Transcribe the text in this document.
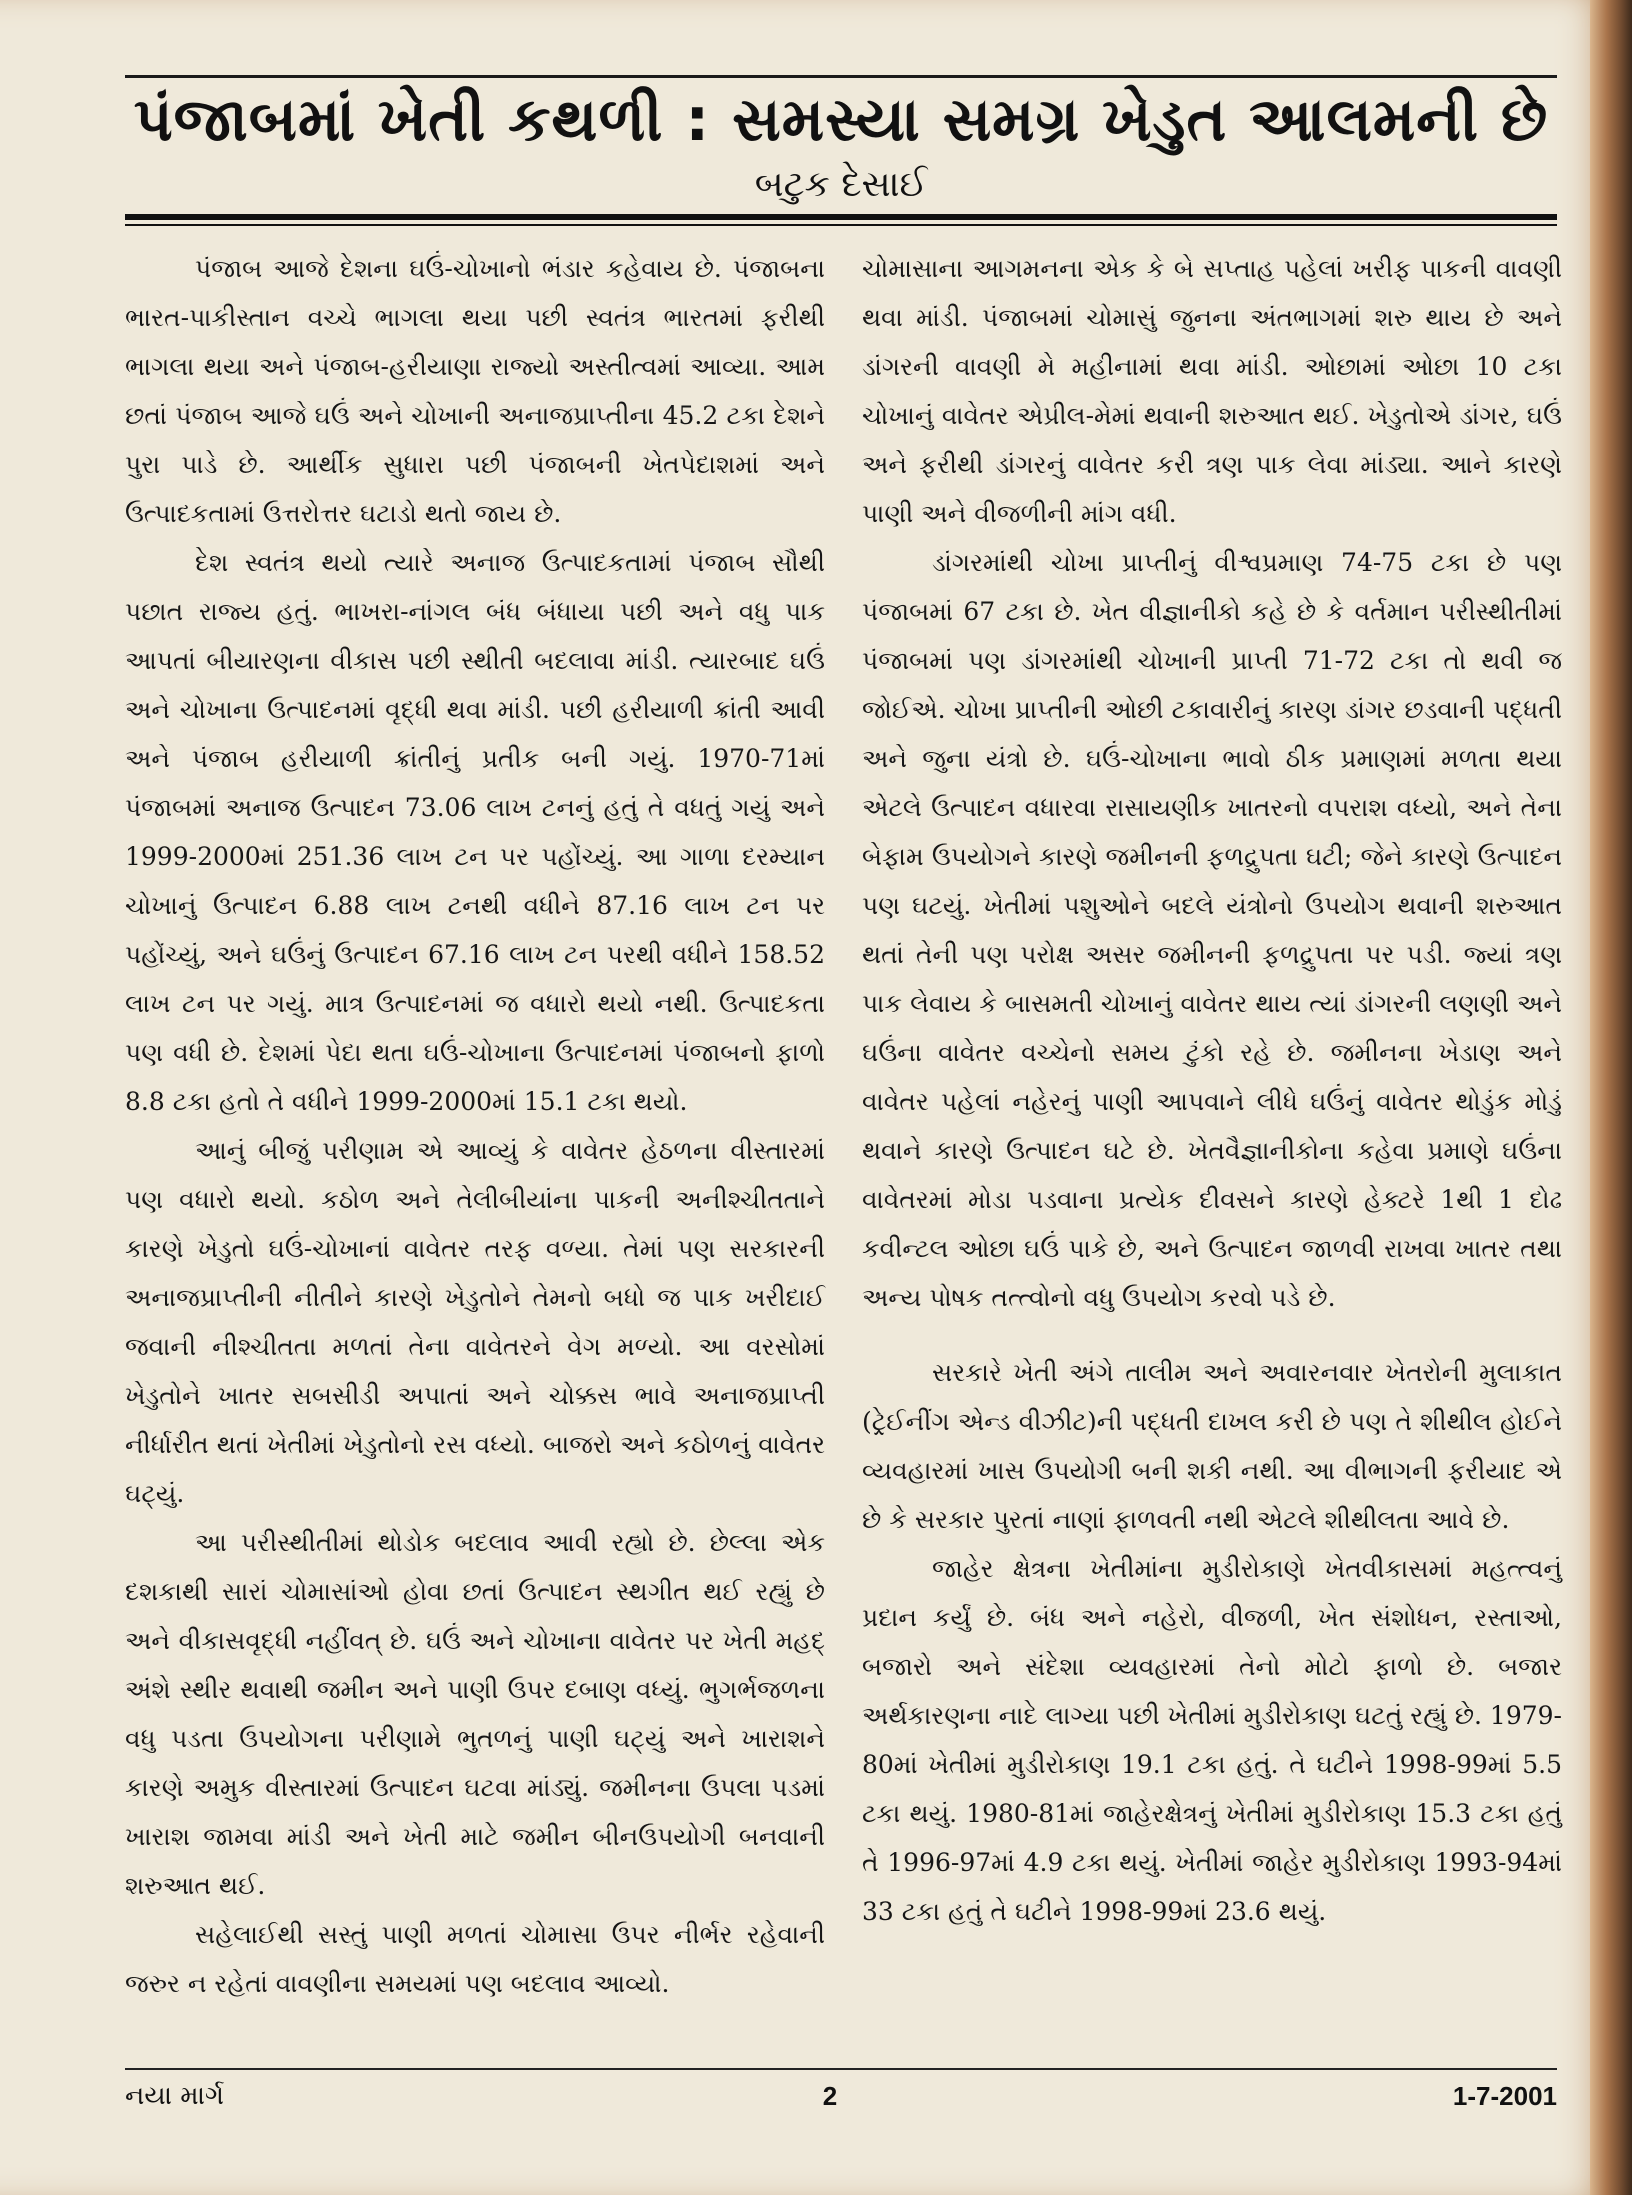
પંજાબમાં ખેતી કથળી : સમસ્યા સમગ્ર ખેડુત આલમની છે
બટુક દેસાઈ

પંજાબ આજે દેશના ઘઉં-ચોખાનો ભંડાર કહેવાય છે. પંજાબના ભારત-પાકીસ્તાન વચ્ચે ભાગલા થયા પછી સ્વતંત્ર ભારતમાં ફરીથી ભાગલા થયા અને પંજાબ-હરીયાણા રાજ્યો અસ્તીત્વમાં આવ્યા. આમ છતાં પંજાબ આજે ઘઉં અને ચોખાની અનાજપ્રાપ્તીના 45.2 ટકા દેશને પુરા પાડે છે. આર્થીક સુધારા પછી પંજાબની ખેતપેદાશમાં અને ઉત્પાદકતામાં ઉત્તરોત્તર ઘટાડો થતો જાય છે.

દેશ સ્વતંત્ર થયો ત્યારે અનાજ ઉત્પાદકતામાં પંજાબ સૌથી પછાત રાજ્ય હતું. ભાખરા-નાંગલ બંધ બંધાયા પછી અને વધુ પાક આપતાં બીયારણના વીકાસ પછી સ્થીતી બદલાવા માંડી. ત્યારબાદ ઘઉં અને ચોખાના ઉત્પાદનમાં વૃદ્ધી થવા માંડી. પછી હરીયાળી ક્રાંતી આવી અને પંજાબ હરીયાળી ક્રાંતીનું પ્રતીક બની ગયું. 1970-71માં પંજાબમાં અનાજ ઉત્પાદન 73.06 લાખ ટનનું હતું તે વધતું ગયું અને 1999-2000માં 251.36 લાખ ટન પર પહોંચ્યું. આ ગાળા દરમ્યાન ચોખાનું ઉત્પાદન 6.88 લાખ ટનથી વધીને 87.16 લાખ ટન પર પહોંચ્યું, અને ઘઉંનું ઉત્પાદન 67.16 લાખ ટન પરથી વધીને 158.52 લાખ ટન પર ગયું. માત્ર ઉત્પાદનમાં જ વધારો થયો નથી. ઉત્પાદકતા પણ વધી છે. દેશમાં પેદા થતા ઘઉં-ચોખાના ઉત્પાદનમાં પંજાબનો ફાળો 8.8 ટકા હતો તે વધીને 1999-2000માં 15.1 ટકા થયો.

આનું બીજું પરીણામ એ આવ્યું કે વાવેતર હેઠળના વીસ્તારમાં પણ વધારો થયો. કઠોળ અને તેલીબીયાંના પાકની અનીશ્ચીતતાને કારણે ખેડુતો ઘઉં-ચોખાનાં વાવેતર તરફ વળ્યા. તેમાં પણ સરકારની અનાજપ્રાપ્તીની નીતીને કારણે ખેડુતોને તેમનો બધો જ પાક ખરીદાઈ જવાની નીશ્ચીતતા મળતાં તેના વાવેતરને વેગ મળ્યો. આ વરસોમાં ખેડુતોને ખાતર સબસીડી અપાતાં અને ચોક્કસ ભાવે અનાજપ્રાપ્તી નીર્ધારીત થતાં ખેતીમાં ખેડુતોનો રસ વધ્યો. બાજરો અને કઠોળનું વાવેતર ઘટ્યું.

આ પરીસ્થીતીમાં થોડોક બદલાવ આવી રહ્યો છે. છેલ્લા એક દશકાથી સારાં ચોમાસાંઓ હોવા છતાં ઉત્પાદન સ્થગીત થઈ રહ્યું છે અને વીકાસવૃદ્ધી નહીંવત્ છે. ઘઉં અને ચોખાના વાવેતર પર ખેતી મહદ્ અંશે સ્થીર થવાથી જમીન અને પાણી ઉપર દબાણ વધ્યું. ભુગર્ભજળના વધુ પડતા ઉપયોગના પરીણામે ભુતળનું પાણી ઘટ્યું અને ખારાશને કારણે અમુક વીસ્તારમાં ઉત્પાદન ઘટવા માંડ્યું. જમીનના ઉપલા પડમાં ખારાશ જામવા માંડી અને ખેતી માટે જમીન બીનઉપયોગી બનવાની શરુઆત થઈ.

સહેલાઈથી સસ્તું પાણી મળતાં ચોમાસા ઉપર નીર્ભર રહેવાની જરુર ન રહેતાં વાવણીના સમયમાં પણ બદલાવ આવ્યો.

ચોમાસાના આગમનના એક કે બે સપ્તાહ પહેલાં ખરીફ પાકની વાવણી થવા માંડી. પંજાબમાં ચોમાસું જુનના અંતભાગમાં શરુ થાય છે અને ડાંગરની વાવણી મે મહીનામાં થવા માંડી. ઓછામાં ઓછા 10 ટકા ચોખાનું વાવેતર એપ્રીલ-મેમાં થવાની શરુઆત થઈ. ખેડુતોએ ડાંગર, ઘઉં અને ફરીથી ડાંગરનું વાવેતર કરી ત્રણ પાક લેવા માંડ્યા. આને કારણે પાણી અને વીજળીની માંગ વધી.

ડાંગરમાંથી ચોખા પ્રાપ્તીનું વીશ્વપ્રમાણ 74-75 ટકા છે પણ પંજાબમાં 67 ટકા છે. ખેત વીજ્ઞાનીકો કહે છે કે વર્તમાન પરીસ્થીતીમાં પંજાબમાં પણ ડાંગરમાંથી ચોખાની પ્રાપ્તી 71-72 ટકા તો થવી જ જોઈએ. ચોખા પ્રાપ્તીની ઓછી ટકાવારીનું કારણ ડાંગર છડવાની પદ્ધતી અને જુના યંત્રો છે. ઘઉં-ચોખાના ભાવો ઠીક પ્રમાણમાં મળતા થયા એટલે ઉત્પાદન વધારવા રાસાયણીક ખાતરનો વપરાશ વધ્યો, અને તેના બેફામ ઉપયોગને કારણે જમીનની ફળદ્રુપતા ઘટી; જેને કારણે ઉત્પાદન પણ ઘટયું. ખેતીમાં પશુઓને બદલે યંત્રોનો ઉપયોગ થવાની શરુઆત થતાં તેની પણ પરોક્ષ અસર જમીનની ફળદ્રુપતા પર પડી. જ્યાં ત્રણ પાક લેવાય કે બાસમતી ચોખાનું વાવેતર થાય ત્યાં ડાંગરની લણણી અને ઘઉંના વાવેતર વચ્ચેનો સમય ટુંકો રહે છે. જમીનના ખેડાણ અને વાવેતર પહેલાં નહેરનું પાણી આપવાને લીધે ઘઉંનું વાવેતર થોડુંક મોડું થવાને કારણે ઉત્પાદન ઘટે છે. ખેતવૈજ્ઞાનીકોના કહેવા પ્રમાણે ઘઉંના વાવેતરમાં મોડા પડવાના પ્રત્યેક દીવસને કારણે હેક્ટરે 1થી 1 દોઢ કવીન્ટલ ઓછા ઘઉં પાકે છે, અને ઉત્પાદન જાળવી રાખવા ખાતર તથા અન્ય પોષક તત્ત્વોનો વધુ ઉપયોગ કરવો પડે છે.

સરકારે ખેતી અંગે તાલીમ અને અવારનવાર ખેતરોની મુલાકાત (ટ્રેઈનીંગ એન્ડ વીઝીટ)ની પદ્ધતી દાખલ કરી છે પણ તે શીથીલ હોઈને વ્યવહારમાં ખાસ ઉપયોગી બની શકી નથી. આ વીભાગની ફરીયાદ એ છે કે સરકાર પુરતાં નાણાં ફાળવતી નથી એટલે શીથીલતા આવે છે.

જાહેર ક્ષેત્રના ખેતીમાંના મુડીરોકાણે ખેતવીકાસમાં મહત્ત્વનું પ્રદાન કર્યું છે. બંધ અને નહેરો, વીજળી, ખેત સંશોધન, રસ્તાઓ, બજારો અને સંદેશા વ્યવહારમાં તેનો મોટો ફાળો છે. બજાર અર્થકારણના નાદે લાગ્યા પછી ખેતીમાં મુડીરોકાણ ઘટતું રહ્યું છે. 1979-80માં ખેતીમાં મુડીરોકાણ 19.1 ટકા હતું. તે ઘટીને 1998-99માં 5.5 ટકા થયું. 1980-81માં જાહેરક્ષેત્રનું ખેતીમાં મુડીરોકાણ 15.3 ટકા હતું તે 1996-97માં 4.9 ટકા થયું. ખેતીમાં જાહેર મુડીરોકાણ 1993-94માં 33 ટકા હતું તે ઘટીને 1998-99માં 23.6 થયું.

નયા માર્ગ	2	1-7-2001
